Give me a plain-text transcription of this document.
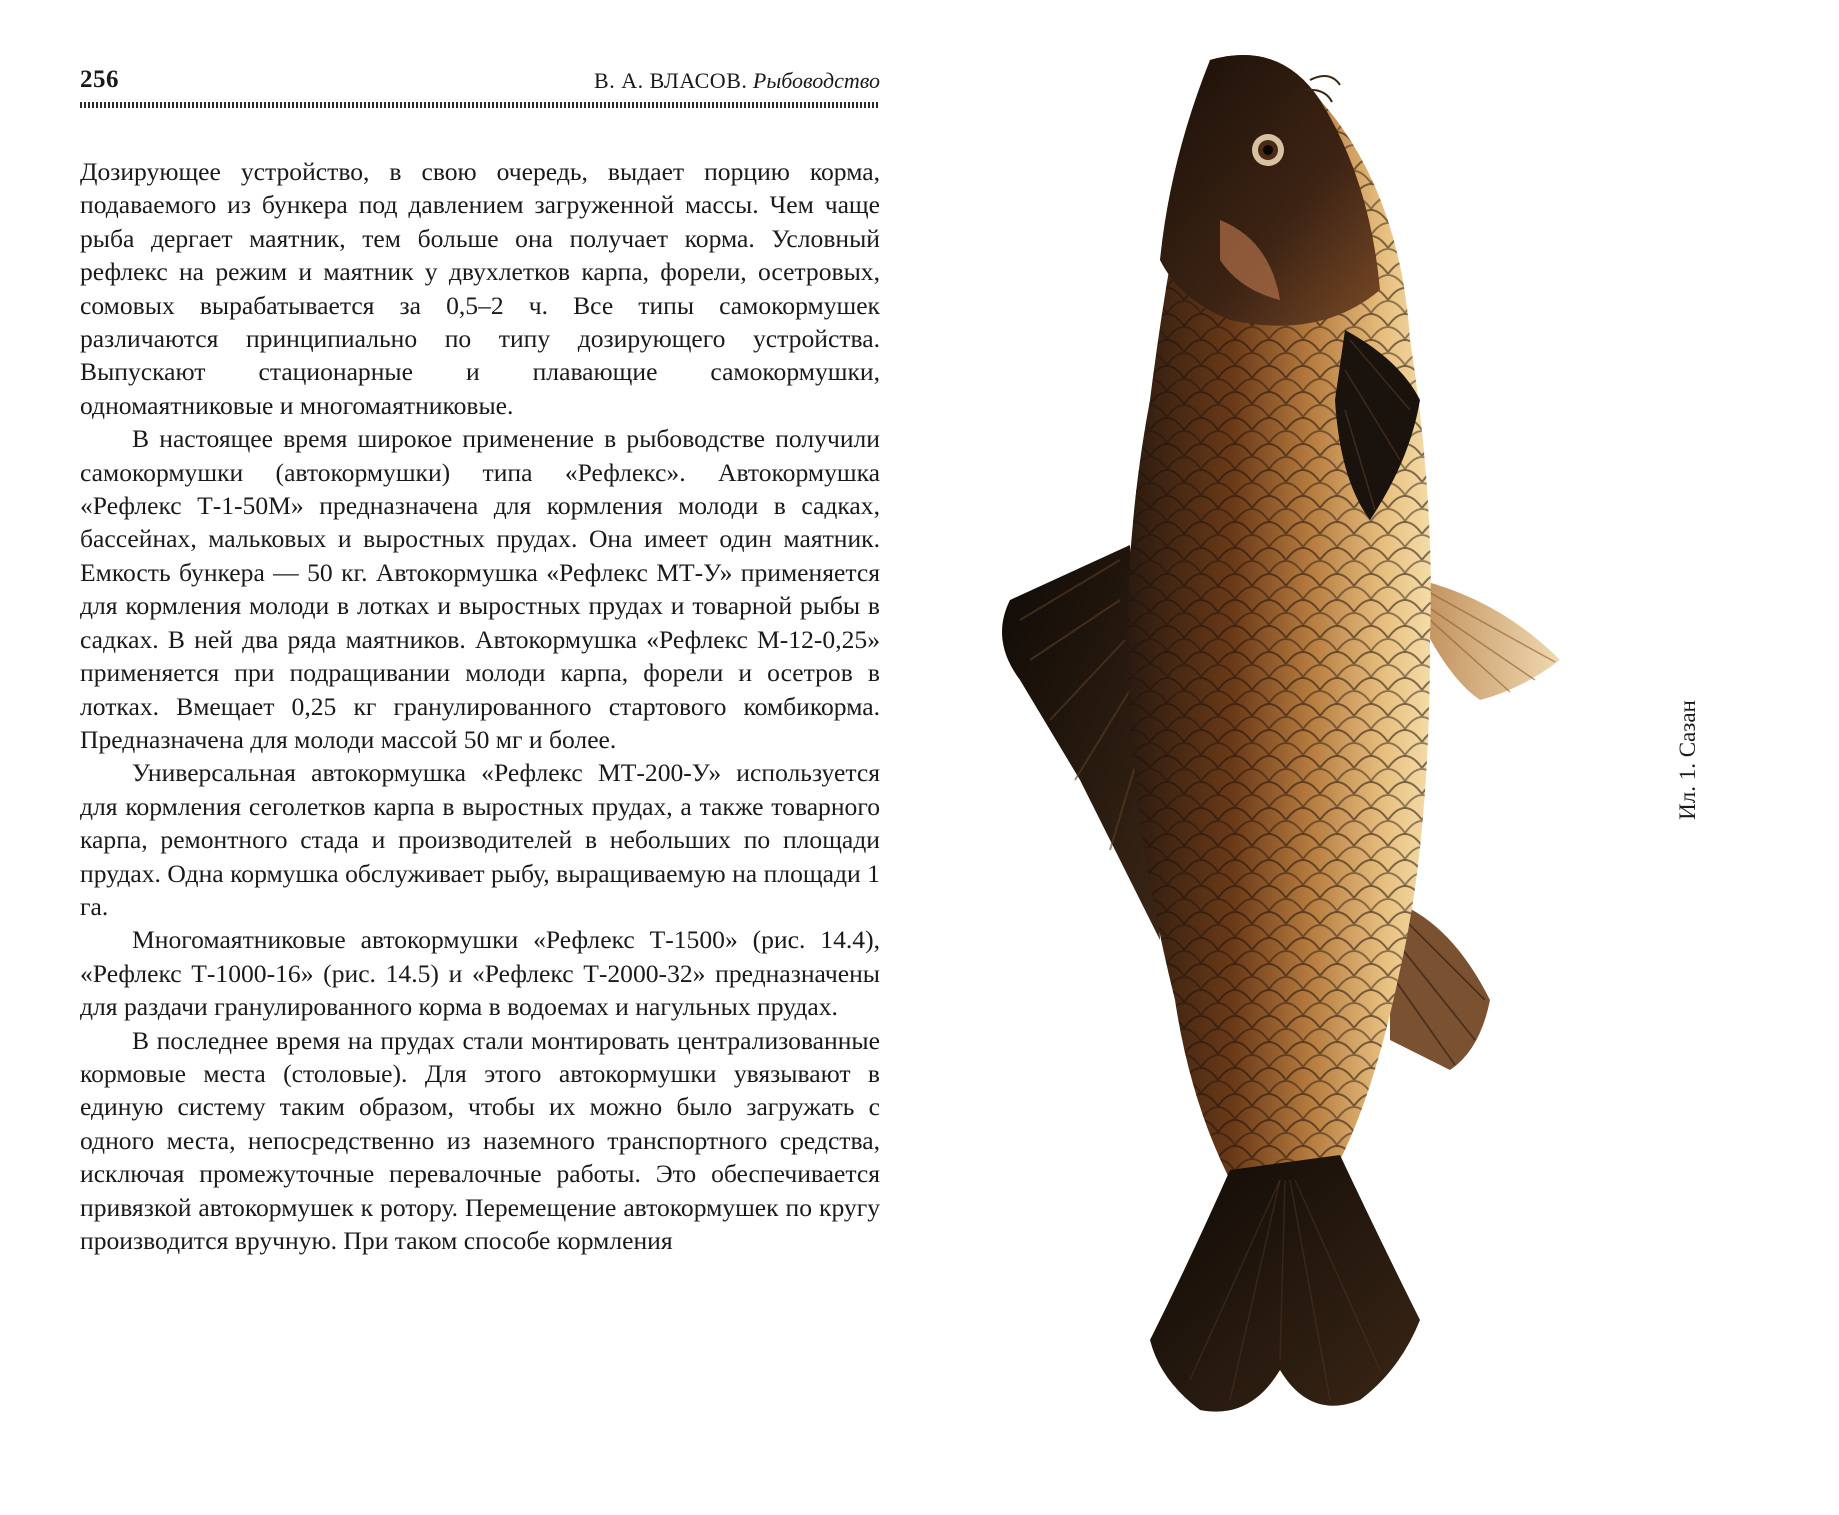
256	В. А. ВЛАСОВ. Рыбоводство

Дозирующее устройство, в свою очередь, выдает порцию корма, подаваемого из бункера под давлением загруженной массы. Чем чаще рыба дергает маятник, тем больше она получает корма. Условный рефлекс на режим и маятник у двухлетков карпа, форели, осетровых, сомовых вырабатывается за 0,5–2 ч. Все типы самокормушек различаются принципиально по типу дозирующего устройства. Выпускают стационарные и плавающие самокормушки, одномаятниковые и многомаятниковые.

В настоящее время широкое применение в рыбоводстве получили самокормушки (автокормушки) типа «Рефлекс». Автокормушка «Рефлекс Т-1-50М» предназначена для кормления молоди в садках, бассейнах, мальковых и выростных прудах. Она имеет один маятник. Емкость бункера — 50 кг. Автокормушка «Рефлекс МТ-У» применяется для кормления молоди в лотках и выростных прудах и товарной рыбы в садках. В ней два ряда маятников. Автокормушка «Рефлекс М-12-0,25» применяется при подращивании молоди карпа, форели и осетров в лотках. Вмещает 0,25 кг гранулированного стартового комбикорма. Предназначена для молоди массой 50 мг и более.

Универсальная автокормушка «Рефлекс МТ-200-У» используется для кормления сеголетков карпа в выростных прудах, а также товарного карпа, ремонтного стада и производителей в небольших по площади прудах. Одна кормушка обслуживает рыбу, выращиваемую на площади 1 га.

Многомаятниковые автокормушки «Рефлекс Т-1500» (рис. 14.4), «Рефлекс Т-1000-16» (рис. 14.5) и «Рефлекс Т-2000-32» предназначены для раздачи гранулированного корма в водоемах и нагульных прудах.

В последнее время на прудах стали монтировать централизованные кормовые места (столовые). Для этого автокормушки увязывают в единую систему таким образом, чтобы их можно было загружать с одного места, непосредственно из наземного транспортного средства, исключая промежуточные перевалочные работы. Это обеспечивается привязкой автокормушек к ротору. Перемещение автокормушек по кругу производится вручную. При таком способе кормления

Ил. 1. Сазан
